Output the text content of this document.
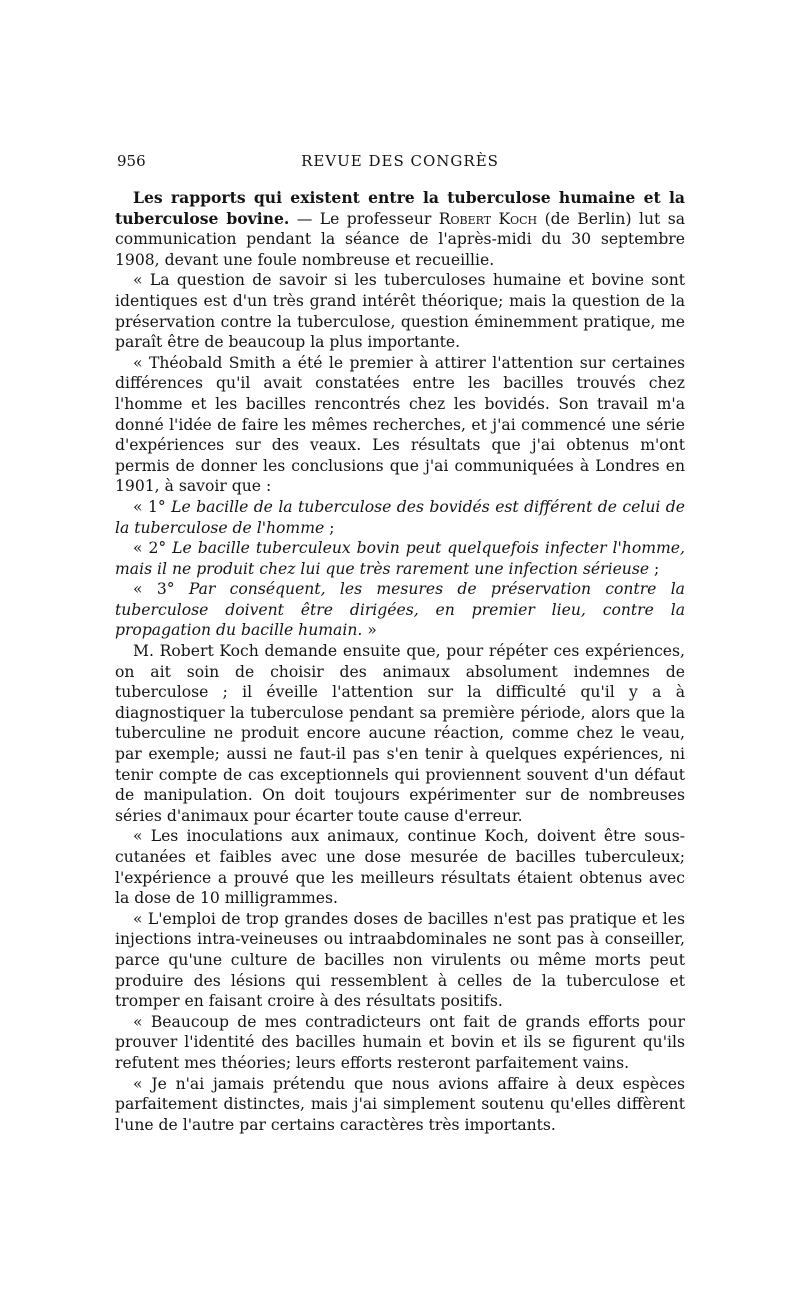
956	REVUE DES CONGRÈS

Les rapports qui existent entre la tuberculose humaine et la tuberculose bovine. — Le professeur Robert Koch (de Berlin) lut sa communication pendant la séance de l'après-midi du 30 septembre 1908, devant une foule nombreuse et recueillie.

« La question de savoir si les tuberculoses humaine et bovine sont identiques est d'un très grand intérêt théorique; mais la question de la préservation contre la tuberculose, question éminemment pratique, me paraît être de beaucoup la plus importante.

« Théobald Smith a été le premier à attirer l'attention sur certaines différences qu'il avait constatées entre les bacilles trouvés chez l'homme et les bacilles rencontrés chez les bovidés. Son travail m'a donné l'idée de faire les mêmes recherches, et j'ai commencé une série d'expériences sur des veaux. Les résultats que j'ai obtenus m'ont permis de donner les conclusions que j'ai communiquées à Londres en 1901, à savoir que :

« 1° Le bacille de la tuberculose des bovidés est différent de celui de la tuberculose de l'homme ;

« 2° Le bacille tuberculeux bovin peut quelquefois infecter l'homme, mais il ne produit chez lui que très rarement une infection sérieuse ;

« 3° Par conséquent, les mesures de préservation contre la tuberculose doivent être dirigées, en premier lieu, contre la propagation du bacille humain. »

M. Robert Koch demande ensuite que, pour répéter ces expériences, on ait soin de choisir des animaux absolument indemnes de tuberculose ; il éveille l'attention sur la difficulté qu'il y a à diagnostiquer la tuberculose pendant sa première période, alors que la tuberculine ne produit encore aucune réaction, comme chez le veau, par exemple; aussi ne faut-il pas s'en tenir à quelques expériences, ni tenir compte de cas exceptionnels qui proviennent souvent d'un défaut de manipulation. On doit toujours expérimenter sur de nombreuses séries d'animaux pour écarter toute cause d'erreur.

« Les inoculations aux animaux, continue Koch, doivent être sous-cutanées et faibles avec une dose mesurée de bacilles tuberculeux; l'expérience a prouvé que les meilleurs résultats étaient obtenus avec la dose de 10 milligrammes.

« L'emploi de trop grandes doses de bacilles n'est pas pratique et les injections intra-veineuses ou intraabdominales ne sont pas à conseiller, parce qu'une culture de bacilles non virulents ou même morts peut produire des lésions qui ressemblent à celles de la tuberculose et tromper en faisant croire à des résultats positifs.

« Beaucoup de mes contradicteurs ont fait de grands efforts pour prouver l'identité des bacilles humain et bovin et ils se figurent qu'ils refutent mes théories; leurs efforts resteront parfaitement vains.

« Je n'ai jamais prétendu que nous avions affaire à deux espèces parfaitement distinctes, mais j'ai simplement soutenu qu'elles diffèrent l'une de l'autre par certains caractères très importants.
